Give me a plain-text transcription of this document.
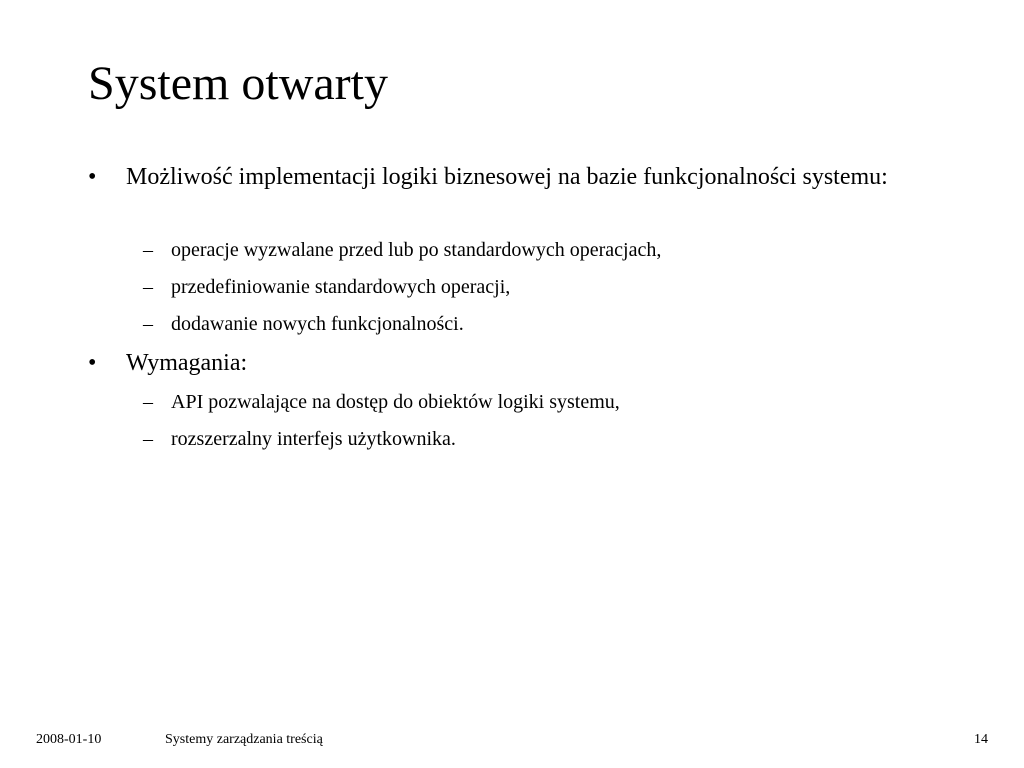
System otwarty
•	Możliwość implementacji logiki biznesowej na bazie funkcjonalności systemu:
– operacje wyzwalane przed lub po standardowych operacjach,
– przedefiniowanie standardowych operacji,
– dodawanie nowych funkcjonalności.
•	Wymagania:
– API pozwalające na dostęp do obiektów logiki systemu,
– rozszerzalny interfejs użytkownika.
2008-01-10	Systemy zarządzania treścią	14
